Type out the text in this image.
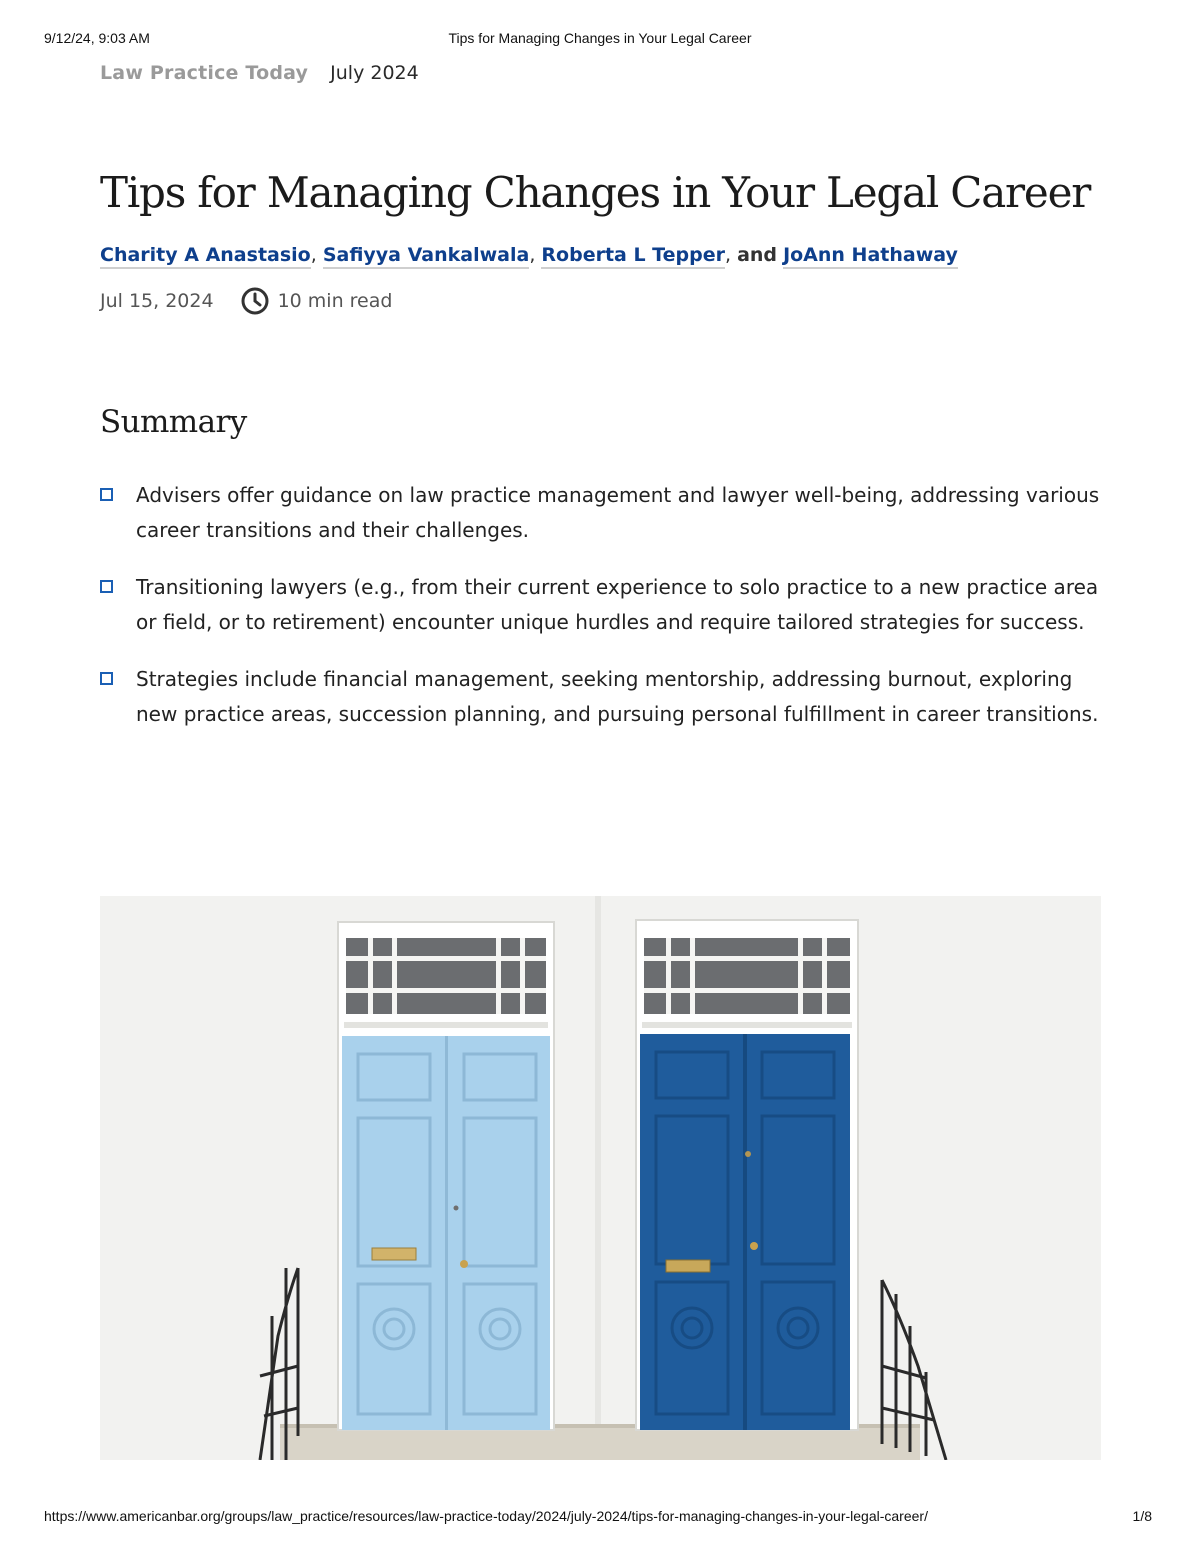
9/12/24, 9:03 AM	Tips for Managing Changes in Your Legal Career
Law Practice Today July 2024
Tips for Managing Changes in Your Legal Career
Charity A Anastasio, Safiyya Vankalwala, Roberta L Tepper, and JoAnn Hathaway
Jul 15, 2024	10 min read
Summary
Advisers offer guidance on law practice management and lawyer well-being, addressing various career transitions and their challenges.
Transitioning lawyers (e.g., from their current experience to solo practice to a new practice area or field, or to retirement) encounter unique hurdles and require tailored strategies for success.
Strategies include financial management, seeking mentorship, addressing burnout, exploring new practice areas, succession planning, and pursuing personal fulfillment in career transitions.
https://www.americanbar.org/groups/law_practice/resources/law-practice-today/2024/july-2024/tips-for-managing-changes-in-your-legal-career/	1/8
